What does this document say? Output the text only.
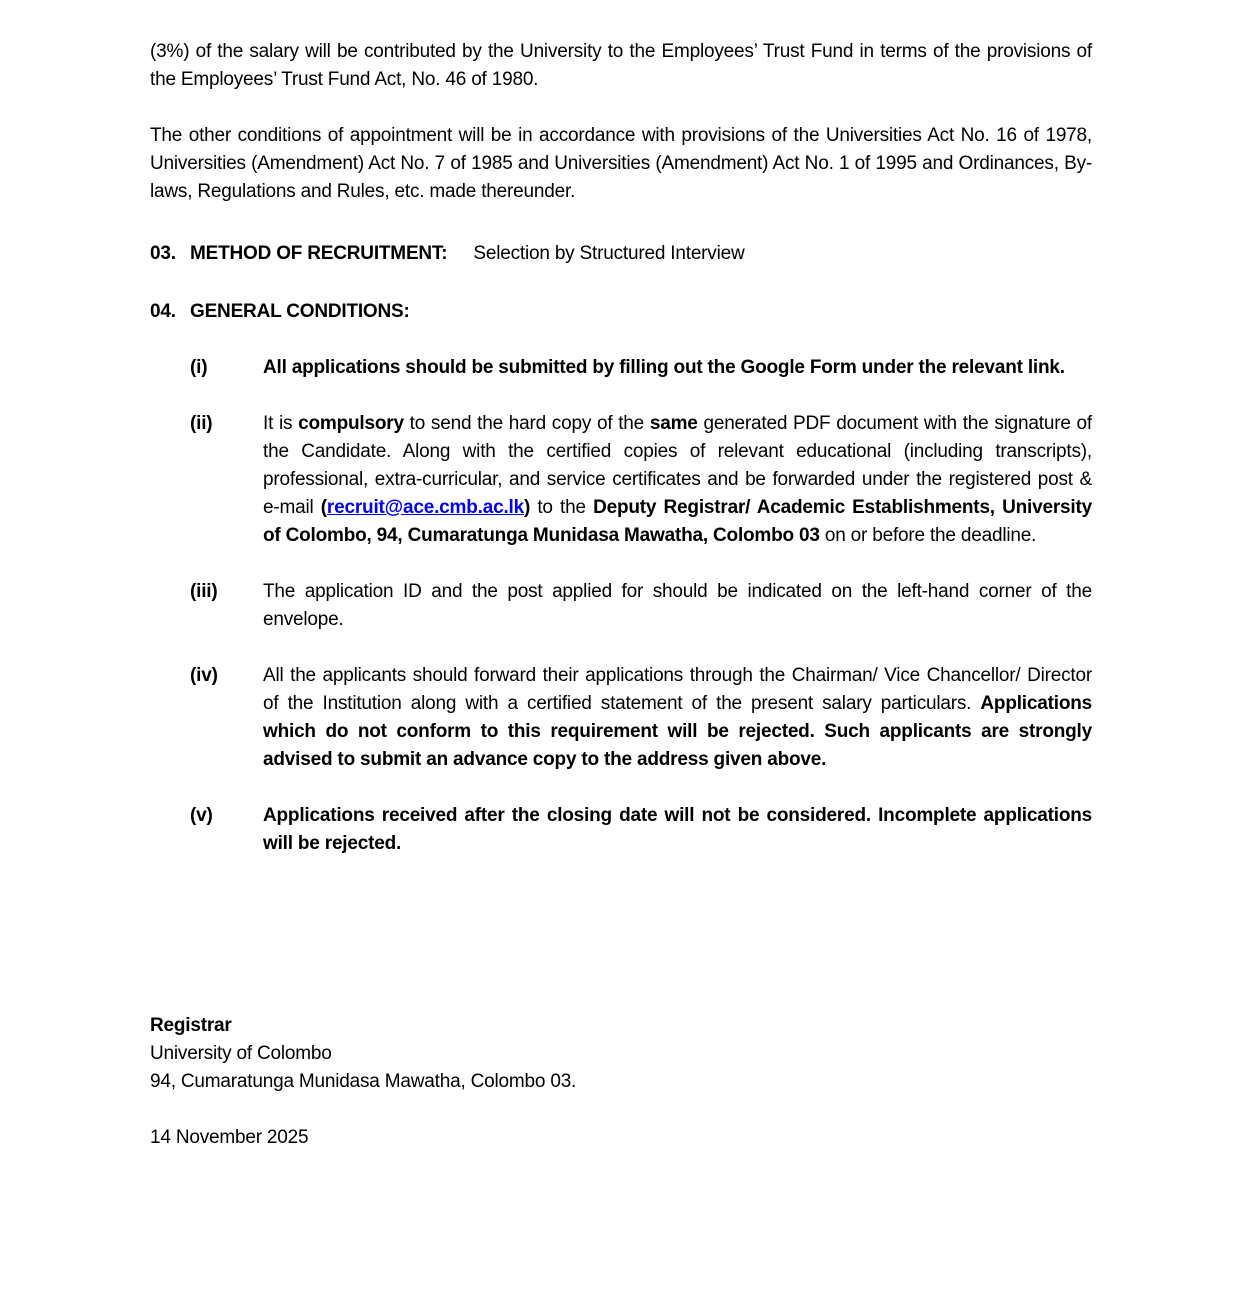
(3%) of the salary will be contributed by the University to the Employees’ Trust Fund in terms of the provisions of the Employees’ Trust Fund Act, No. 46 of 1980.

The other conditions of appointment will be in accordance with provisions of the Universities Act No. 16 of 1978, Universities (Amendment) Act No. 7 of 1985 and Universities (Amendment) Act No. 1 of 1995 and Ordinances, By-laws, Regulations and Rules, etc. made thereunder.

03. METHOD OF RECRUITMENT: Selection by Structured Interview
04. GENERAL CONDITIONS:
(i)	All applications should be submitted by filling out the Google Form under the relevant link.
(ii)	It is compulsory to send the hard copy of the same generated PDF document with the signature of the Candidate. Along with the certified copies of relevant educational (including transcripts), professional, extra-curricular, and service certificates and be forwarded under the registered post & e-mail (recruit@ace.cmb.ac.lk) to the Deputy Registrar/ Academic Establishments, University of Colombo, 94, Cumaratunga Munidasa Mawatha, Colombo 03 on or before the deadline.
(iii)	The application ID and the post applied for should be indicated on the left-hand corner of the envelope.
(iv)	All the applicants should forward their applications through the Chairman/ Vice Chancellor/ Director of the Institution along with a certified statement of the present salary particulars. Applications which do not conform to this requirement will be rejected. Such applicants are strongly advised to submit an advance copy to the address given above.
(v)	Applications received after the closing date will not be considered. Incomplete applications will be rejected.
Registrar
University of Colombo
94, Cumaratunga Munidasa Mawatha, Colombo 03.
14 November 2025
